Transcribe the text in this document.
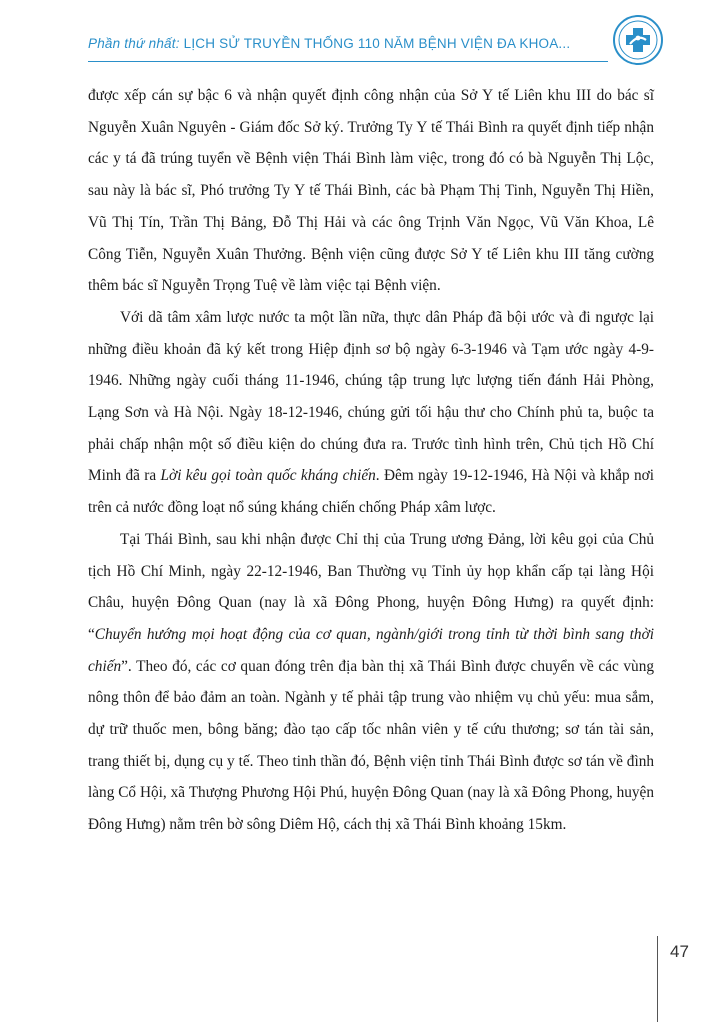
Phần thứ nhất: LỊCH SỬ TRUYỀN THỐNG 110 NĂM BỆNH VIỆN ĐA KHOA...

được xếp cán sự bậc 6 và nhận quyết định công nhận của Sở Y tế Liên khu III do bác sĩ Nguyễn Xuân Nguyên - Giám đốc Sở ký. Trưởng Ty Y tế Thái Bình ra quyết định tiếp nhận các y tá đã trúng tuyển về Bệnh viện Thái Bình làm việc, trong đó có bà Nguyễn Thị Lộc, sau này là bác sĩ, Phó trưởng Ty Y tế Thái Bình, các bà Phạm Thị Tinh, Nguyễn Thị Hiền, Vũ Thị Tín, Trần Thị Bảng, Đỗ Thị Hải và các ông Trịnh Văn Ngọc, Vũ Văn Khoa, Lê Công Tiễn, Nguyễn Xuân Thưởng. Bệnh viện cũng được Sở Y tế Liên khu III tăng cường thêm bác sĩ Nguyễn Trọng Tuệ về làm việc tại Bệnh viện.

Với dã tâm xâm lược nước ta một lần nữa, thực dân Pháp đã bội ước và đi ngược lại những điều khoản đã ký kết trong Hiệp định sơ bộ ngày 6-3-1946 và Tạm ước ngày 4-9-1946. Những ngày cuối tháng 11-1946, chúng tập trung lực lượng tiến đánh Hải Phòng, Lạng Sơn và Hà Nội. Ngày 18-12-1946, chúng gửi tối hậu thư cho Chính phủ ta, buộc ta phải chấp nhận một số điều kiện do chúng đưa ra. Trước tình hình trên, Chủ tịch Hồ Chí Minh đã ra Lời kêu gọi toàn quốc kháng chiến. Đêm ngày 19-12-1946, Hà Nội và khắp nơi trên cả nước đồng loạt nổ súng kháng chiến chống Pháp xâm lược.

Tại Thái Bình, sau khi nhận được Chỉ thị của Trung ương Đảng, lời kêu gọi của Chủ tịch Hồ Chí Minh, ngày 22-12-1946, Ban Thường vụ Tỉnh ủy họp khẩn cấp tại làng Hội Châu, huyện Đông Quan (nay là xã Đông Phong, huyện Đông Hưng) ra quyết định: “Chuyển hướng mọi hoạt động của cơ quan, ngành/giới trong tỉnh từ thời bình sang thời chiến”. Theo đó, các cơ quan đóng trên địa bàn thị xã Thái Bình được chuyển về các vùng nông thôn để bảo đảm an toàn. Ngành y tế phải tập trung vào nhiệm vụ chủ yếu: mua sắm, dự trữ thuốc men, bông băng; đào tạo cấp tốc nhân viên y tế cứu thương; sơ tán tài sản, trang thiết bị, dụng cụ y tế. Theo tinh thần đó, Bệnh viện tỉnh Thái Bình được sơ tán về đình làng Cổ Hội, xã Thượng Phương Hội Phú, huyện Đông Quan (nay là xã Đông Phong, huyện Đông Hưng) nằm trên bờ sông Diêm Hộ, cách thị xã Thái Bình khoảng 15km.

47
